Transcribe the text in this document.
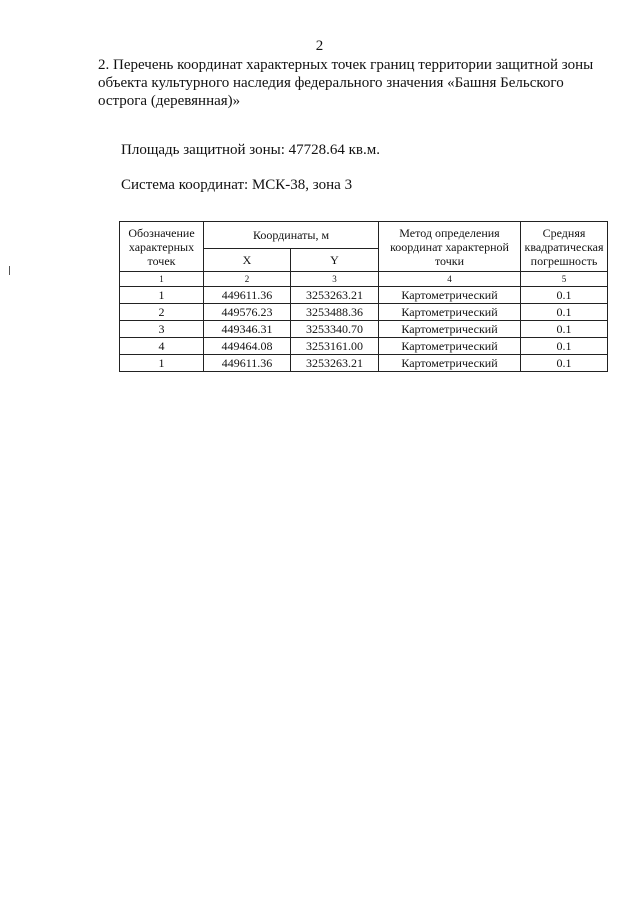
2
2. Перечень координат характерных точек границ территории защитной зоны объекта культурного наследия федерального значения «Башня Бельского острога (деревянная)»
Площадь защитной зоны: 47728.64 кв.м.
Система координат: МСК-38, зона 3
Обозначение характерных точек	Координаты, м		Метод определения координат характерной точки	Средняя квадратическая погрешность
	X	Y		
1	2	3	4	5
1	449611.36	3253263.21	Картометрический	0.1
2	449576.23	3253488.36	Картометрический	0.1
3	449346.31	3253340.70	Картометрический	0.1
4	449464.08	3253161.00	Картометрический	0.1
1	449611.36	3253263.21	Картометрический	0.1
